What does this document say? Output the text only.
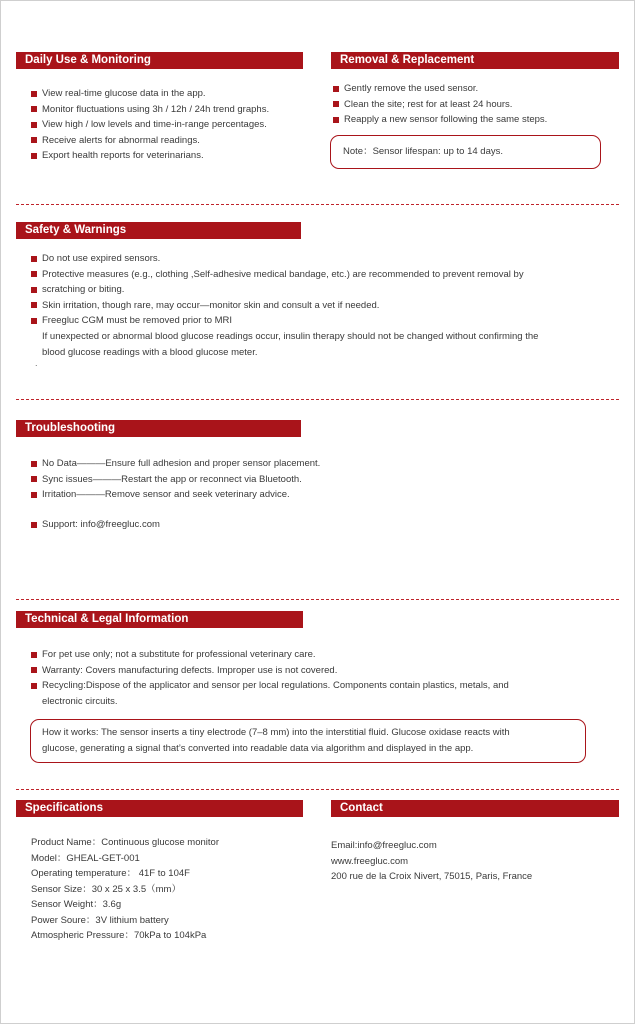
Daily Use & Monitoring
View real-time glucose data in the app.
Monitor fluctuations using 3h / 12h / 24h trend graphs.
View high / low levels and time-in-range percentages.
Receive alerts for abnormal readings.
Export health reports for veterinarians.
Removal & Replacement
Gently remove the used sensor.
Clean the site; rest for at least 24 hours.
Reapply a new sensor following the same steps.
Note：Sensor lifespan: up to 14 days.
Safety & Warnings
Do not use expired sensors.
Protective measures (e.g., clothing ,Self-adhesive medical bandage, etc.) are recommended to prevent removal by
scratching or biting.
Skin irritation, though rare, may occur—monitor skin and consult a vet if needed.
Freegluc CGM must be removed prior to MRI
If unexpected or abnormal blood glucose readings occur, insulin therapy should not be changed without confirming the
blood glucose readings with a blood glucose meter.
.
Troubleshooting
No Data———Ensure full adhesion and proper sensor placement.
Sync issues———Restart the app or reconnect via Bluetooth.
Irritation———Remove sensor and seek veterinary advice.
Support: info@freegluc.com
Technical & Legal Information
For pet use only; not a substitute for professional veterinary care.
Warranty: Covers manufacturing defects. Improper use is not covered.
Recycling:Dispose of the applicator and sensor per local regulations. Components contain plastics, metals, and
electronic circuits.
How it works: The sensor inserts a tiny electrode (7–8 mm) into the interstitial fluid. Glucose oxidase reacts with
glucose, generating a signal that’s converted into readable data via algorithm and displayed in the app.
Specifications
Product Name：Continuous glucose monitor
Model：GHEAL-GET-001
Operating temperature： 41F to 104F
Sensor Size：30 x 25 x 3.5（mm）
Sensor Weight：3.6g
Power Soure：3V lithium battery
Atmospheric Pressure：70kPa to 104kPa
Contact
Email:info@freegluc.com
www.freegluc.com
200 rue de la Croix Nivert, 75015, Paris, France
